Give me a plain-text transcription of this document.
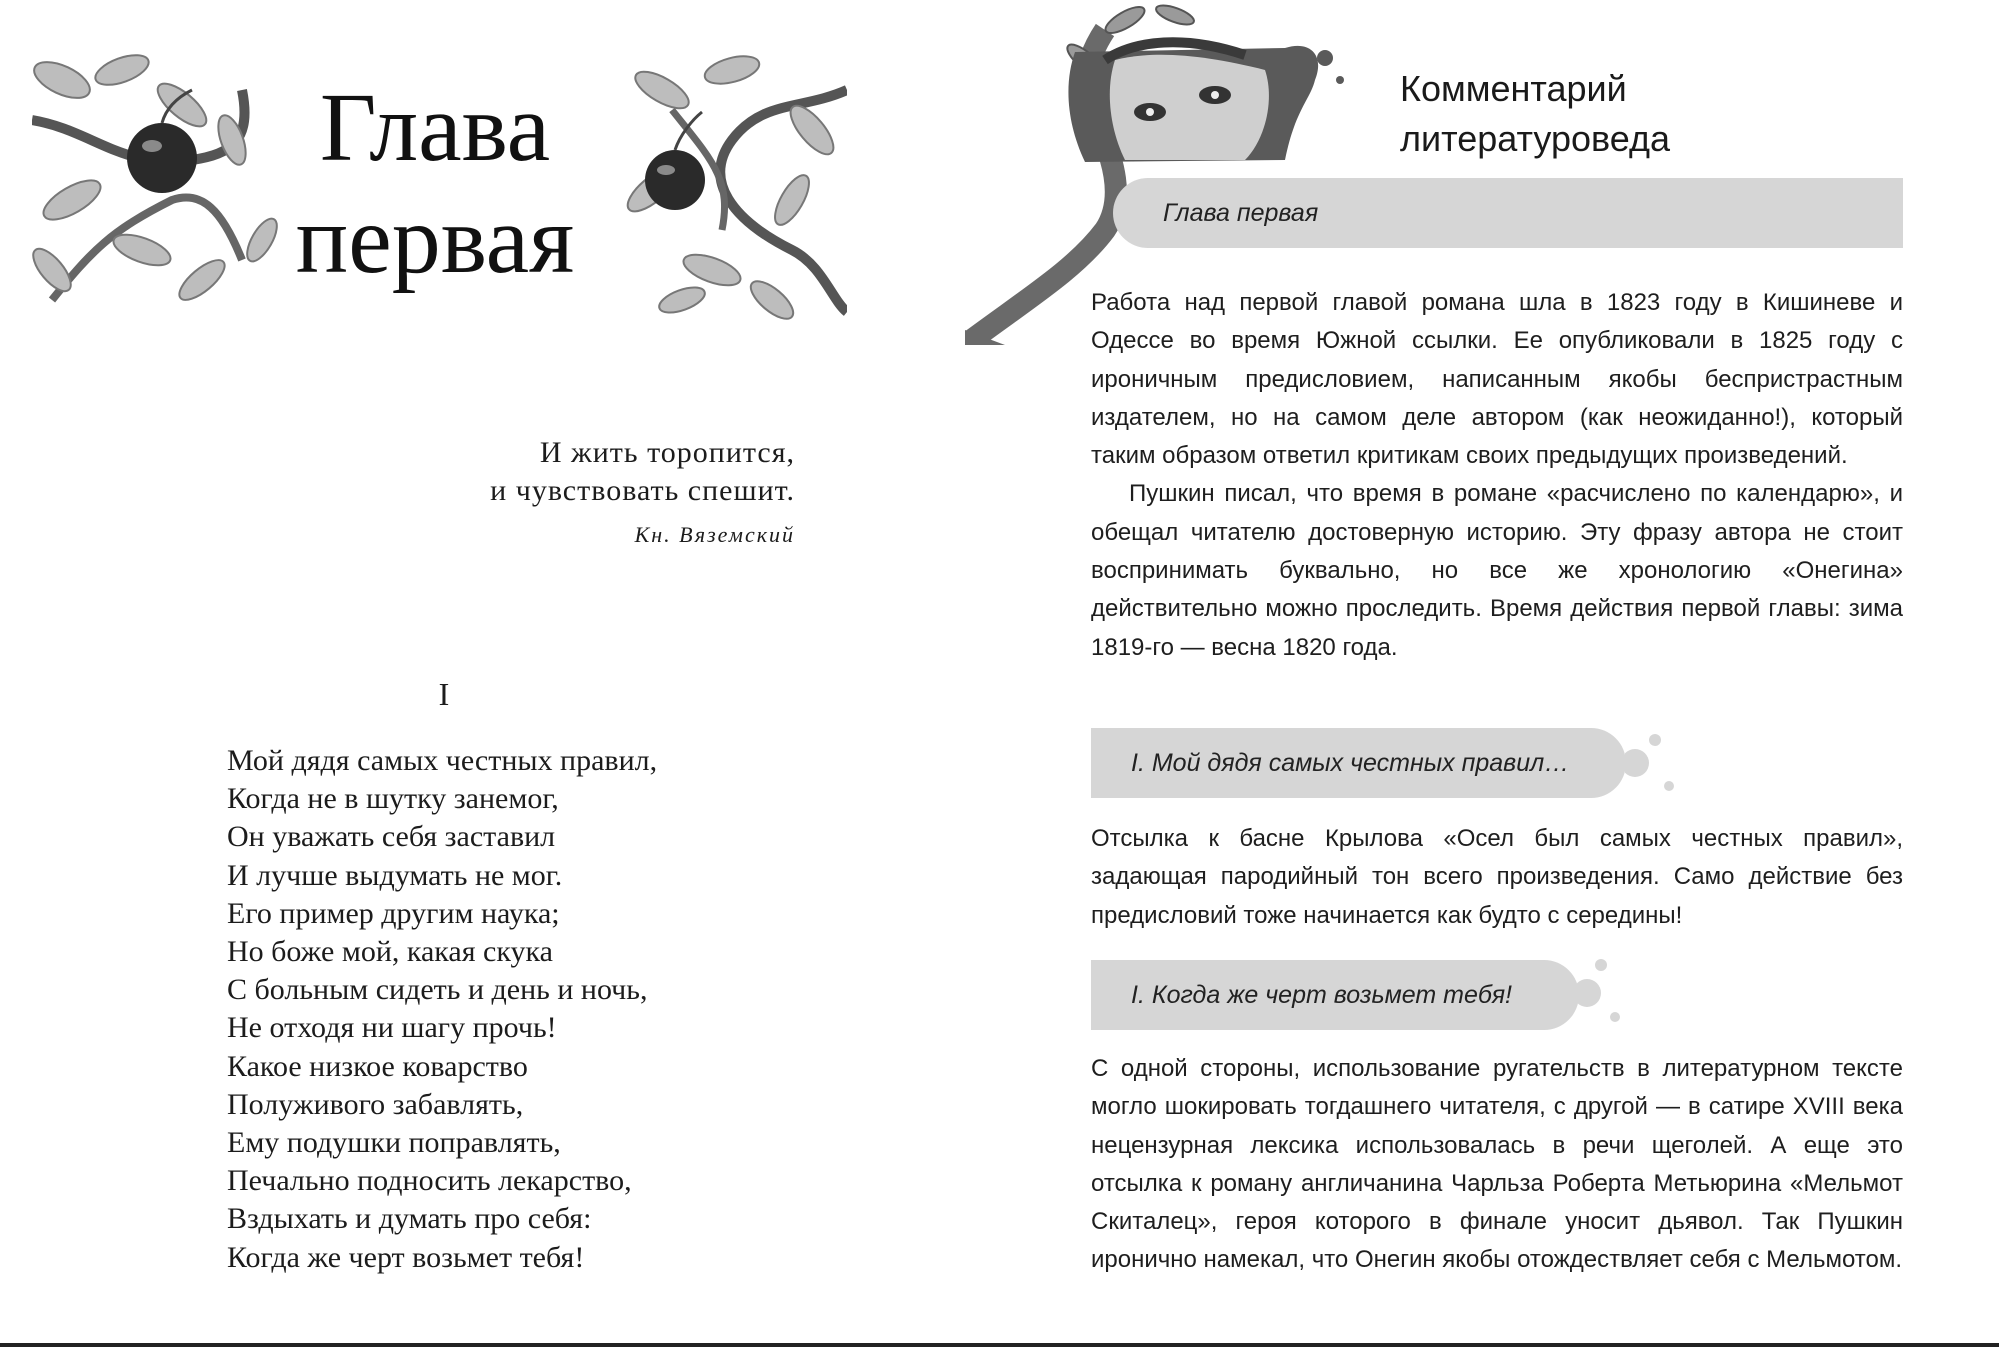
Глава
первая
И жить торопится,
и чувствовать спешит.
Кн. Вяземский
I
Мой дядя самых честных правил,
Когда не в шутку занемог,
Он уважать себя заставил
И лучше выдумать не мог.
Его пример другим наука;
Но боже мой, какая скука
С больным сидеть и день и ночь,
Не отходя ни шагу прочь!
Какое низкое коварство
Полуживого забавлять,
Ему подушки поправлять,
Печально подносить лекарство,
Вздыхать и думать про себя:
Когда же черт возьмет тебя!
Комментарий
литературоведа
Глава первая

Работа над первой главой романа шла в 1823 году в Кишиневе и Одессе во время Южной ссылки. Ее опубликовали в 1825 году с ироничным предисловием, написанным якобы беспристрастным издателем, но на самом деле автором (как неожиданно!), который таким образом ответил критикам своих предыдущих произведений.

Пушкин писал, что время в романе «расчислено по календарю», и обещал читателю достоверную историю. Эту фразу автора не стоит воспринимать буквально, но все же хронологию «Онегина» действительно можно проследить. Время действия первой главы: зима 1819-го — весна 1820 года.

I. Мой дядя самых честных правил…

Отсылка к басне Крылова «Осел был самых честных правил», задающая пародийный тон всего произведения. Само действие без предисловий тоже начинается как будто с середины!

I. Когда же черт возьмет тебя!

С одной стороны, использование ругательств в литературном тексте могло шокировать тогдашнего читателя, с другой — в сатире XVIII века нецензурная лексика использовалась в речи щеголей. А еще это отсылка к роману англичанина Чарльза Роберта Метьюрина «Мельмот Скиталец», героя которого в финале уносит дьявол. Так Пушкин иронично намекал, что Онегин якобы отождествляет себя с Мельмотом.
